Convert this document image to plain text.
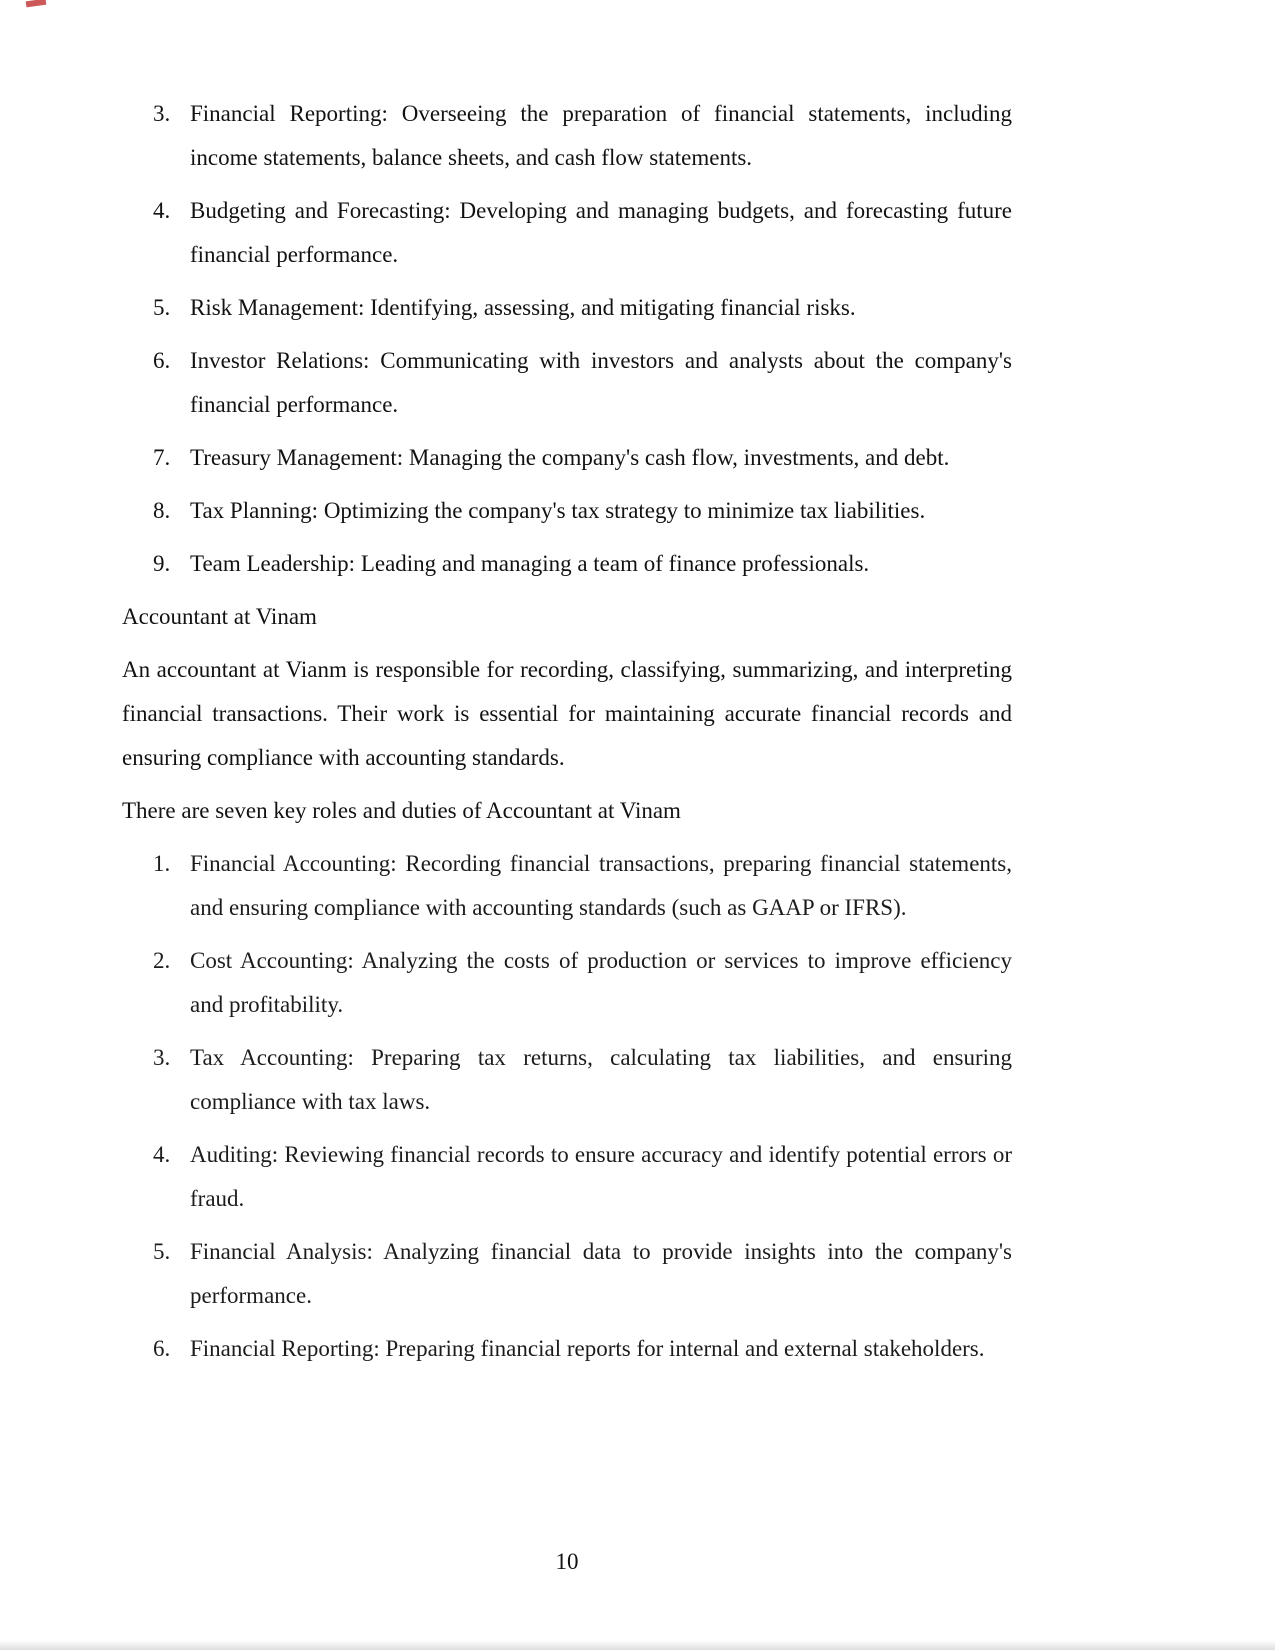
3. Financial Reporting: Overseeing the preparation of financial statements, including income statements, balance sheets, and cash flow statements.
4. Budgeting and Forecasting: Developing and managing budgets, and forecasting future financial performance.
5. Risk Management: Identifying, assessing, and mitigating financial risks.
6. Investor Relations: Communicating with investors and analysts about the company's financial performance.
7. Treasury Management: Managing the company's cash flow, investments, and debt.
8. Tax Planning: Optimizing the company's tax strategy to minimize tax liabilities.
9. Team Leadership: Leading and managing a team of finance professionals.

Accountant at Vinam

An accountant at Vianm is responsible for recording, classifying, summarizing, and interpreting financial transactions. Their work is essential for maintaining accurate financial records and ensuring compliance with accounting standards.

There are seven key roles and duties of Accountant at Vinam

1. Financial Accounting: Recording financial transactions, preparing financial statements, and ensuring compliance with accounting standards (such as GAAP or IFRS).
2. Cost Accounting: Analyzing the costs of production or services to improve efficiency and profitability.
3. Tax Accounting: Preparing tax returns, calculating tax liabilities, and ensuring compliance with tax laws.
4. Auditing: Reviewing financial records to ensure accuracy and identify potential errors or fraud.
5. Financial Analysis: Analyzing financial data to provide insights into the company's performance.
6. Financial Reporting: Preparing financial reports for internal and external stakeholders.
10
